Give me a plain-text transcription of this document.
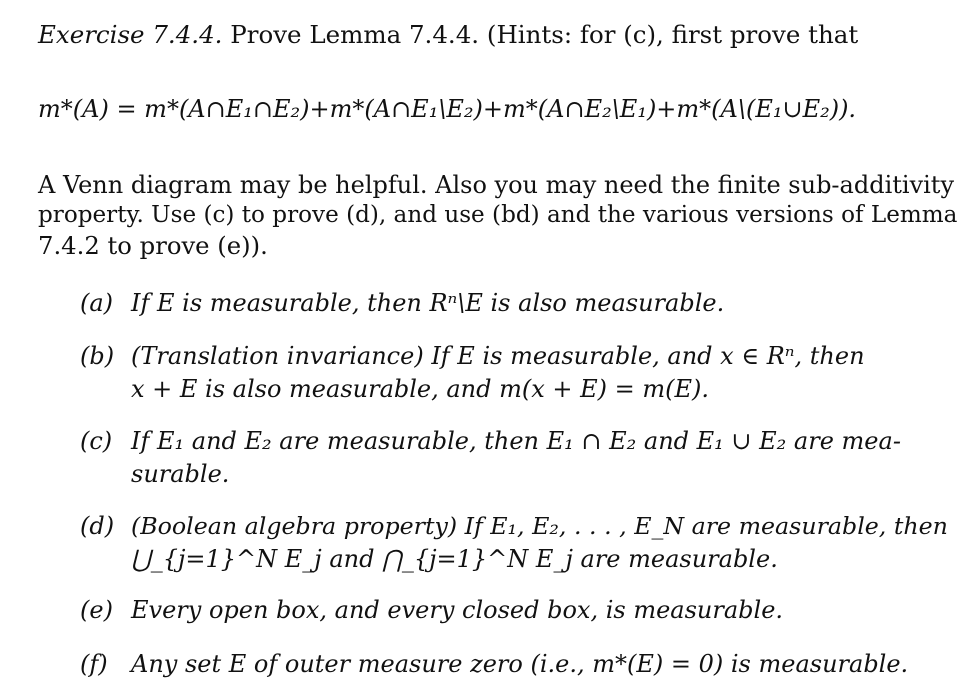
Exercise 7.4.4. Prove Lemma 7.4.4. (Hints: for (c), first prove that
m*(A) = m*(A∩E₁∩E₂)+m*(A∩E₁\E₂)+m*(A∩E₂\E₁)+m*(A\(E₁∪E₂)).
A Venn diagram may be helpful. Also you may need the finite sub-additivity
property. Use (c) to prove (d), and use (bd) and the various versions of Lemma
7.4.2 to prove (e)).
(a) If E is measurable, then Rⁿ\E is also measurable.
(b) (Translation invariance) If E is measurable, and x ∈ Rⁿ, then
x + E is also measurable, and m(x + E) = m(E).
(c) If E₁ and E₂ are measurable, then E₁ ∩ E₂ and E₁ ∪ E₂ are mea-
surable.
(d) (Boolean algebra property) If E₁, E₂, . . . , E_N are measurable, then
⋃_{j=1}^N E_j and ⋂_{j=1}^N E_j are measurable.
(e) Every open box, and every closed box, is measurable.
(f) Any set E of outer measure zero (i.e., m*(E) = 0) is measurable.
